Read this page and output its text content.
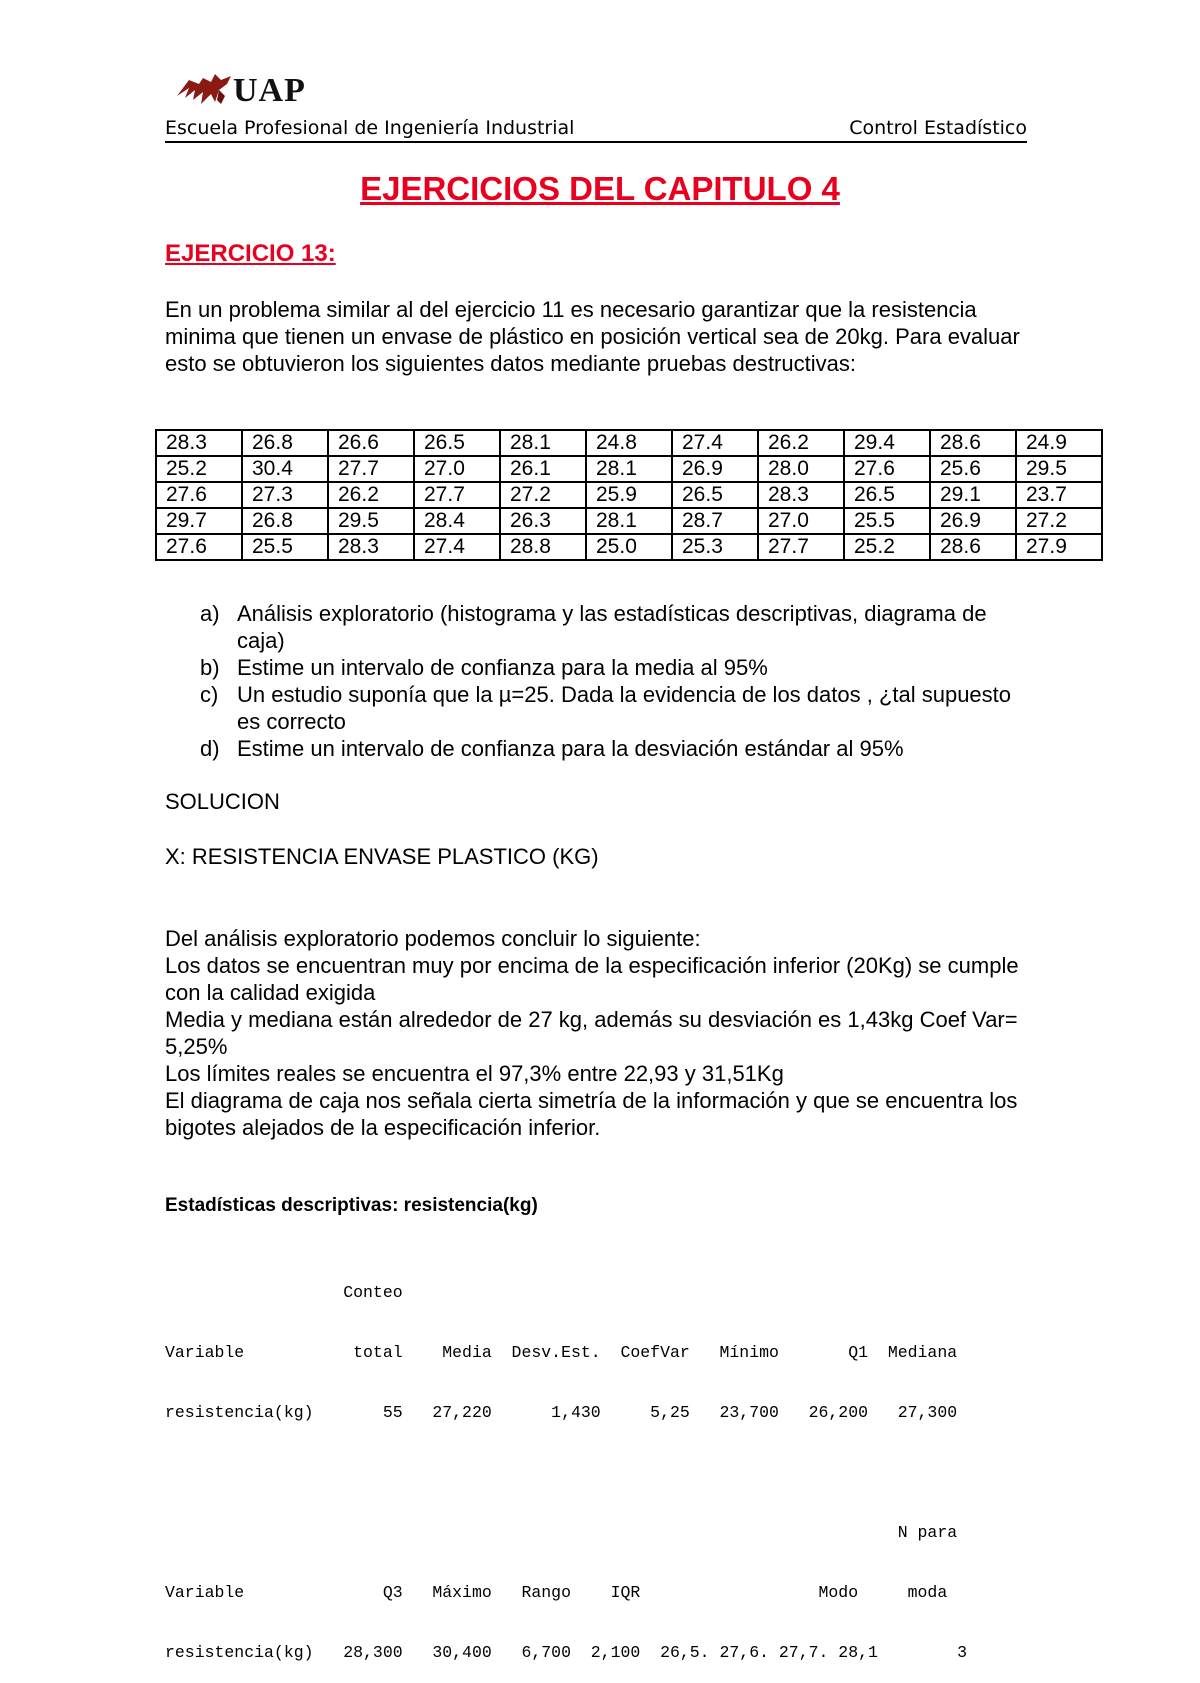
UAP
Escuela Profesional de Ingeniería Industrial	Control Estadístico
EJERCICIOS DEL CAPITULO 4
EJERCICIO 13:
En un problema similar al del ejercicio 11 es necesario garantizar que la resistencia minima que tienen un envase de plástico en posición vertical sea de 20kg. Para evaluar esto se obtuvieron los siguientes datos mediante pruebas destructivas:
28.3	26.8	26.6	26.5	28.1	24.8	27.4	26.2	29.4	28.6	24.9
25.2	30.4	27.7	27.0	26.1	28.1	26.9	28.0	27.6	25.6	29.5
27.6	27.3	26.2	27.7	27.2	25.9	26.5	28.3	26.5	29.1	23.7
29.7	26.8	29.5	28.4	26.3	28.1	28.7	27.0	25.5	26.9	27.2
27.6	25.5	28.3	27.4	28.8	25.0	25.3	27.7	25.2	28.6	27.9
a) Análisis exploratorio (histograma y las estadísticas descriptivas, diagrama de caja)
b) Estime un intervalo de confianza para la media al 95%
c) Un estudio suponía que la µ=25. Dada la evidencia de los datos , ¿tal supuesto es correcto
d) Estime un intervalo de confianza para la desviación estándar al 95%
SOLUCION
X: RESISTENCIA ENVASE PLASTICO (KG)
Del análisis exploratorio podemos concluir lo siguiente:
Los datos se encuentran muy por encima de la especificación inferior (20Kg) se cumple con la calidad exigida
Media y mediana están alrededor de 27 kg, además su desviación es 1,43kg Coef Var= 5,25%
Los límites reales se encuentra el 97,3% entre 22,93 y 31,51Kg
El diagrama de caja nos señala cierta simetría de la información y que se encuentra los bigotes alejados de la especificación inferior.
Estadísticas descriptivas: resistencia(kg)

Conteo

Variable           total    Media  Desv.Est.  CoefVar   Mínimo       Q1  Mediana

resistencia(kg)       55   27,220      1,430     5,25   23,700   26,200   27,300

N para

Variable              Q3   Máximo   Rango    IQR                  Modo     moda

resistencia(kg)   28,300   30,400   6,700  2,100  26,5. 27,6. 27,7. 28,1        3
